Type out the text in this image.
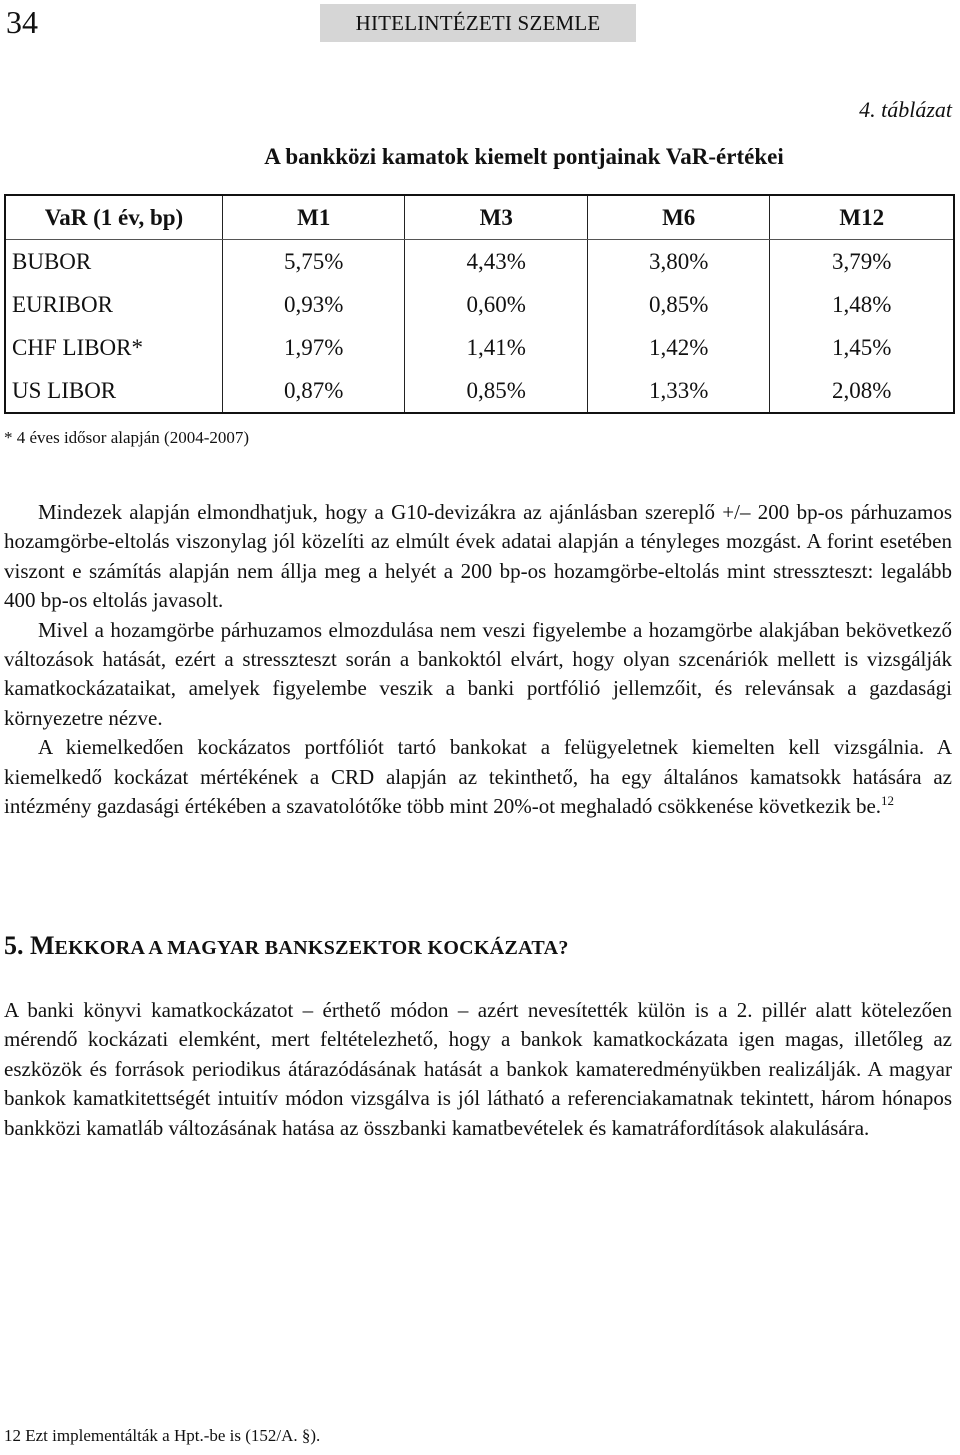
34	HITELINTÉZETI SZEMLE
4. táblázat
A bankközi kamatok kiemelt pontjainak VaR-értékei
VaR (1 év, bp)	M1	M3	M6	M12
BUBOR	5,75%	4,43%	3,80%	3,79%
EURIBOR	0,93%	0,60%	0,85%	1,48%
CHF LIBOR*	1,97%	1,41%	1,42%	1,45%
US LIBOR	0,87%	0,85%	1,33%	2,08%
* 4 éves idősor alapján (2004-2007)

Mindezek alapján elmondhatjuk, hogy a G10-devizákra az ajánlásban szereplő +/– 200 bp-os párhuzamos hozamgörbe-eltolás viszonylag jól közelíti az elmúlt évek adatai alapján a tényleges mozgást. A forint esetében viszont e számítás alapján nem állja meg a helyét a 200 bp-os hozamgörbe-eltolás mint stresszteszt: legalább 400 bp-os eltolás javasolt.

Mivel a hozamgörbe párhuzamos elmozdulása nem veszi figyelembe a hozamgörbe alakjában bekövetkező változások hatását, ezért a stresszteszt során a bankoktól elvárt, hogy olyan szcenáriók mellett is vizsgálják kamatkockázataikat, amelyek figyelembe veszik a banki portfólió jellemzőit, és relevánsak a gazdasági környezetre nézve.

A kiemelkedően kockázatos portfóliót tartó bankokat a felügyeletnek kiemelten kell vizsgálnia. A kiemelkedő kockázat mértékének a CRD alapján az tekinthető, ha egy általános kamatsokk hatására az intézmény gazdasági értékében a szavatolótőke több mint 20%-ot meghaladó csökkenése következik be.$^{12}$

5. MEKKORA A MAGYAR BANKSZEKTOR KOCKÁZATA?

A banki könyvi kamatkockázatot – érthető módon – azért nevesítették külön is a 2. pillér alatt kötelezően mérendő kockázati elemként, mert feltételezhető, hogy a bankok kamatkockázata igen magas, illetőleg az eszközök és források periodikus átárazódásának hatását a bankok kamateredményükben realizálják. A magyar bankok kamatkitettségét intuitív módon vizsgálva is jól látható a referenciakamatnak tekintett, három hónapos bankközi kamatláb változásának hatása az összbanki kamatbevételek és kamatráfordítások alakulására.

12 Ezt implementálták a Hpt.-be is (152/A. §).
